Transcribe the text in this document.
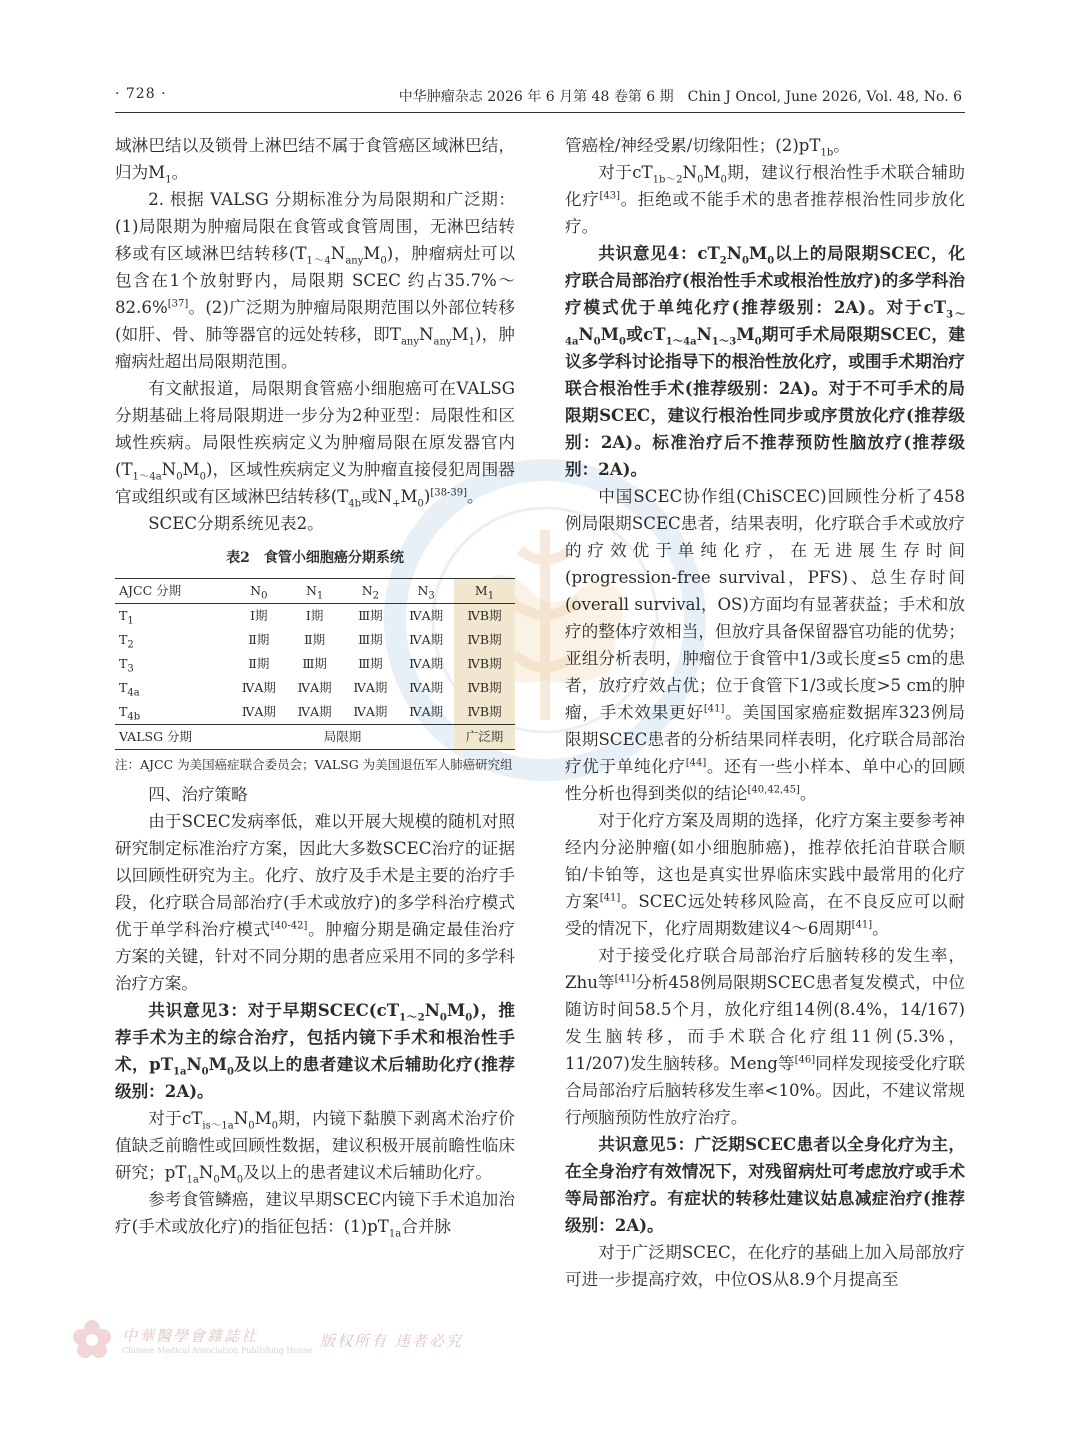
· 728 ·	中华肿瘤杂志 2026 年 6 月第 48 卷第 6 期　Chin J Oncol, June 2026, Vol. 48, No. 6

域淋巴结以及锁骨上淋巴结不属于食管癌区域淋巴结，归为$M_1$。

2. 根据 VALSG 分期标准分为局限期和广泛期：(1)局限期为肿瘤局限在食管或食管周围，无淋巴结转移或有区域淋巴结转移$(T_{1\sim 4}N_{any}M_0)$，肿瘤病灶可以包含在1个放射野内，局限期 SCEC 约占35.7%～82.6%[37]。(2)广泛期为肿瘤局限期范围以外部位转移(如肝、骨、肺等器官的远处转移，即$T_{any}N_{any}M_1$)，肿瘤病灶超出局限期范围。

有文献报道，局限期食管癌小细胞癌可在VALSG分期基础上将局限期进一步分为2种亚型：局限性和区域性疾病。局限性疾病定义为肿瘤局限在原发器官内$(T_{1\sim 4a}N_0M_0)$，区域性疾病定义为肿瘤直接侵犯周围器官或组织或有区域淋巴结转移($T_{4b}$或$N_+M_0)[38-39]$。

SCEC分期系统见表2。

表2　食管小细胞癌分期系统
AJCC 分期	$N_0$	$N_1$	$N_2$	$N_3$	$M_1$
$T_1$	Ⅰ期	Ⅰ期	Ⅲ期	ⅣA期	ⅣB期
$T_2$	Ⅱ期	Ⅱ期	Ⅲ期	ⅣA期	ⅣB期
$T_3$	Ⅱ期	Ⅲ期	Ⅲ期	ⅣA期	ⅣB期
$T_{4a}$	ⅣA期	ⅣA期	ⅣA期	ⅣA期	ⅣB期
$T_{4b}$	ⅣA期	ⅣA期	ⅣA期	ⅣA期	ⅣB期
VALSG 分期	局限期				广泛期
注：AJCC 为美国癌症联合委员会；VALSG 为美国退伍军人肺癌研究组

四、治疗策略

由于SCEC发病率低，难以开展大规模的随机对照研究制定标准治疗方案，因此大多数SCEC治疗的证据以回顾性研究为主。化疗、放疗及手术是主要的治疗手段，化疗联合局部治疗(手术或放疗)的多学科治疗模式优于单学科治疗模式[40-42]。肿瘤分期是确定最佳治疗方案的关键，针对不同分期的患者应采用不同的多学科治疗方案。

共识意见3：对于早期$SCEC(cT_{1\sim 2}N_0M_0)$，推荐手术为主的综合治疗，包括内镜下手术和根治性手术，$pT_{1a}N_0M_0$及以上的患者建议术后辅助化疗(推荐级别：2A)。

对于$cT_{is\sim 1a}N_0M_0$期，内镜下黏膜下剥离术治疗价值缺乏前瞻性或回顾性数据，建议积极开展前瞻性临床研究；$pT_{1a}N_0M_0$及以上的患者建议术后辅助化疗。

参考食管鳞癌，建议早期SCEC内镜下手术追加治疗(手术或放化疗)的指征包括：$(1)pT_{1a}$合并脉

管癌栓/神经受累/切缘阳性；$(2)pT_{1b}$。

对于$cT_{1b\sim 2}N_0M_0$期，建议行根治性手术联合辅助化疗[43]。拒绝或不能手术的患者推荐根治性同步放化疗。

共识意见4：$cT_2N_0M_0$以上的局限期SCEC，化疗联合局部治疗(根治性手术或根治性放疗)的多学科治疗模式优于单纯化疗(推荐级别：2A)。对于$cT_{3\sim 4a}N_0M_0$或$cT_{1\sim 4a}N_{1\sim 3}M_0$期可手术局限期SCEC，建议多学科讨论指导下的根治性放化疗，或围手术期治疗联合根治性手术(推荐级别：2A)。对于不可手术的局限期SCEC，建议行根治性同步或序贯放化疗(推荐级别：2A)。标准治疗后不推荐预防性脑放疗(推荐级别：2A)。

中国SCEC协作组(ChiSCEC)回顾性分析了458例局限期SCEC患者，结果表明，化疗联合手术或放疗的疗效优于单纯化疗，在无进展生存时间(progression-free survival，PFS)、总生存时间(overall survival，OS)方面均有显著获益；手术和放疗的整体疗效相当，但放疗具备保留器官功能的优势；亚组分析表明，肿瘤位于食管中1/3或长度≤5 cm的患者，放疗疗效占优；位于食管下1/3或长度>5 cm的肿瘤，手术效果更好[41]。美国国家癌症数据库323例局限期SCEC患者的分析结果同样表明，化疗联合局部治疗优于单纯化疗[44]。还有一些小样本、单中心的回顾性分析也得到类似的结论[40,42,45]。

对于化疗方案及周期的选择，化疗方案主要参考神经内分泌肿瘤(如小细胞肺癌)，推荐依托泊苷联合顺铂/卡铂等，这也是真实世界临床实践中最常用的化疗方案[41]。SCEC远处转移风险高，在不良反应可以耐受的情况下，化疗周期数建议4～6周期[41]。

对于接受化疗联合局部治疗后脑转移的发生率，Zhu等[41]分析458例局限期SCEC患者复发模式，中位随访时间58.5个月，放化疗组14例(8.4%，14/167)发生脑转移，而手术联合化疗组11例(5.3%，11/207)发生脑转移。Meng等[46]同样发现接受化疗联合局部治疗后脑转移发生率<10%。因此，不建议常规行颅脑预防性放疗治疗。

共识意见5：广泛期SCEC患者以全身化疗为主，在全身治疗有效情况下，对残留病灶可考虑放疗或手术等局部治疗。有症状的转移灶建议姑息减症治疗(推荐级别：2A)。

对于广泛期SCEC，在化疗的基础上加入局部放疗可进一步提高疗效，中位OS从8.9个月提高至

中華醫學會雜誌社
Chinese Medical Association Publishing House
版权所有 违者必究
